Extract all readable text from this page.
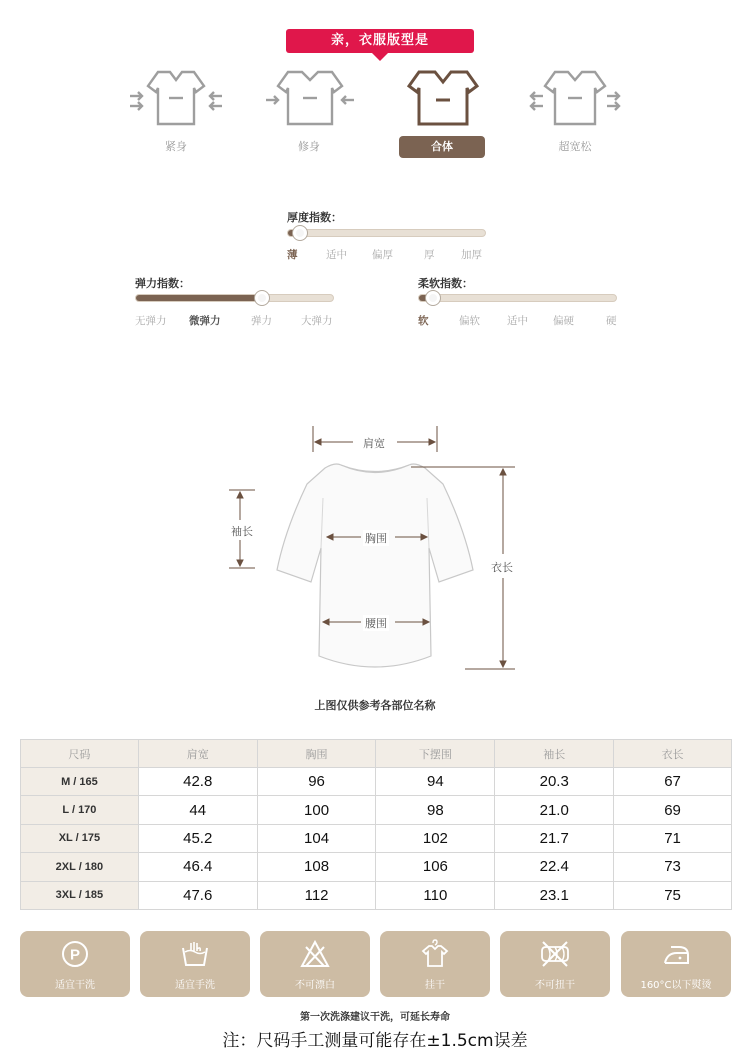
亲，衣服版型是
紧身	修身	合体	超宽松
厚度指数：
薄	适中 偏厚	厚	加厚
弹力指数：
无弹力 微弹力	弹力	大弹力
柔软指数：
软	偏软	适中 偏硬	硬
肩宽
袖长
胸围
腰围
衣长
上图仅供参考各部位名称
尺码	肩宽	胸围	下摆围	袖长	衣长
M / 165	42.8	96	94	20.3	67
L / 170	44	100	98	21.0	69
XL / 175	45.2	104	102	21.7	71
2XL / 180	46.4	108	106	22.4	73
3XL / 185	47.6	112	110	23.1	75
P
适宜干洗	适宜手洗	不可漂白	挂干	不可扭干	160°C以下熨烫
第一次洗涤建议干洗，可延长寿命
注：尺码手工测量可能存在±1.5cm误差
